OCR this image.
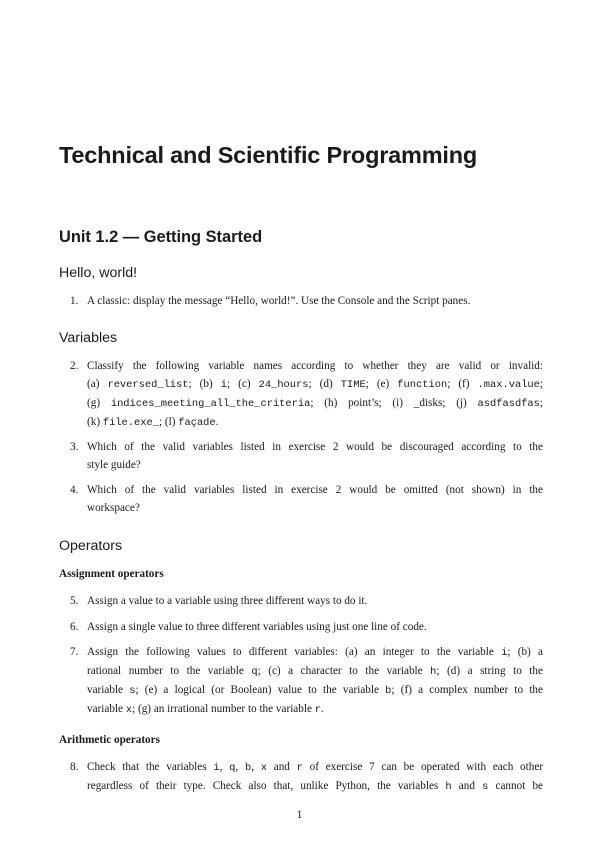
Technical and Scientific Programming
Unit 1.2 — Getting Started
Hello, world!
1. A classic: display the message “Hello, world!”. Use the Console and the Script panes.
Variables
2. Classify the following variable names according to whether they are valid or invalid:
(a) reversed_list; (b) i; (c) 24_hours; (d) TIME; (e) function; (f) .max.value;
(g) indices_meeting_all_the_criteria; (h) point’s; (i) _disks; (j) asdfasdfas;
(k) file.exe_; (l) façade.
3. Which of the valid variables listed in exercise 2 would be discouraged according to the
style guide?
4. Which of the valid variables listed in exercise 2 would be omitted (not shown) in the
workspace?
Operators
Assignment operators
5. Assign a value to a variable using three different ways to do it.
6. Assign a single value to three different variables using just one line of code.
7. Assign the following values to different variables: (a) an integer to the variable i; (b) a
rational number to the variable q; (c) a character to the variable h; (d) a string to the
variable s; (e) a logical (or Boolean) value to the variable b; (f) a complex number to the
variable x; (g) an irrational number to the variable r.
Arithmetic operators
8. Check that the variables i, q, b, x and r of exercise 7 can be operated with each other
regardless of their type. Check also that, unlike Python, the variables h and s cannot be
1
